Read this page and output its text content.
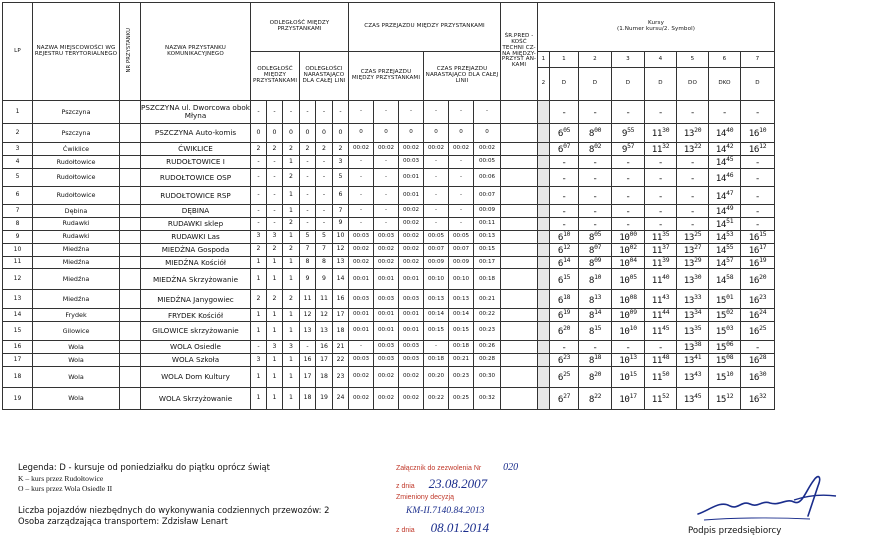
LP	NAZWA MIEJSCOWOŚCI WG REJESTRU TERYTORIALNEGO	NR PRZYSTANKU	NAZWA PRZYSTANKU KOMUNIKACYJNEGO	ODLEGŁOŚĆ MIĘDZY PRZYSTANKAMI						CZAS PRZEJAZDU MIĘDZY PRZYSTANKAMI						ŚR.PRED -KOŚĆ TECHNI CZ-NA MIĘDZY- PRZYST AN-KAMI	Kursy
(1.Numer kursu/2. Symbol)							

				ODLEGŁOŚĆ MIĘDZY PRZYSTANKAMI			ODLEGŁOŚCI NARASTAJĄCO DLA CAŁEJ LINI			CZAS PRZEJAZDU MIĘDZY PRZYSTANKAMI			CZAS PRZEJAZDU NARASTAJĄCO DLA CAŁEJ LINII				1	1	2	3	4	5	6	7
																	2	D	D	D	D	DO	DKO	D
1	Pszczyna		PSZCZYNA ul. Dworcowa obok Młyna	-	-	-	-	-	-	-	-	-	-	-	-			-	-	-	-	-	-	-
2	Pszczyna		PSZCZYNA Auto-komis	0	0	0	0	0	0	0	0	0	0	0	0			$6^{05}$	$8^{00}$	$9^{55}$	$11^{30}$	$13^{20}$	$14^{40}$	$16^{10}$
3	Ćwiklice		ĆWIKLICE	2	2	2	2	2	2	00:02	00:02	00:02	00:02	00:02	00:02			$6^{07}$	$8^{02}$	$9^{57}$	$11^{32}$	$13^{22}$	$14^{42}$	$16^{12}$
4	Rudołtowice		RUDOŁTOWICE I	-	-	1	-	-	3	-	-	00:03	-	-	00:05			-	-	-	-	-	$14^{45}$	-
5	Rudołtowice		RUDOŁTOWICE OSP	-	-	2	-	-	5	-	-	00:01	-	-	00:06			-	-	-	-	-	$14^{46}$	-
6	Rudołtowice		RUDOŁTOWICE RSP	-	-	1	-	-	6	-	-	00:01	-	-	00:07			-	-	-	-	-	$14^{47}$	-
7	Dębina		DĘBINA	-	-	1	-	-	7	-	-	00:02	-	-	00:09			-	-	-	-	-	$14^{49}$	-
8	Rudawki		RUDAWKI sklep	-	-	2	-	-	9	-	-	00:02	-	-	00:11			-	-	-	-	-	$14^{51}$	-
9	Rudawki		RUDAWKI Las	3	3	1	5	5	10	00:03	00:03	00:02	00:05	00:05	00:13			$6^{10}$	$8^{05}$	$10^{00}$	$11^{35}$	$13^{25}$	$14^{53}$	$16^{15}$
10	Miedźna		MIEDŹNA Gospoda	2	2	2	7	7	12	00:02	00:02	00:02	00:07	00:07	00:15			$6^{12}$	$8^{07}$	$10^{02}$	$11^{37}$	$13^{27}$	$14^{55}$	$16^{17}$
11	Miedźna		MIEDŹNA Kościół	1	1	1	8	8	13	00:02	00:02	00:02	00:09	00:09	00:17			$6^{14}$	$8^{09}$	$10^{04}$	$11^{39}$	$13^{29}$	$14^{57}$	$16^{19}$
12	Miedźna		MIEDŹNA Skrzyżowanie	1	1	1	9	9	14	00:01	00:01	00:01	00:10	00:10	00:18			$6^{15}$	$8^{10}$	$10^{05}$	$11^{40}$	$13^{30}$	$14^{58}$	$16^{20}$
13	Miedźna		MIEDŹNA Janygowiec	2	2	2	11	11	16	00:03	00:03	00:03	00:13	00:13	00:21			$6^{18}$	$8^{13}$	$10^{08}$	$11^{43}$	$13^{33}$	$15^{01}$	$16^{23}$
14	Frydek		FRYDEK Kościół	1	1	1	12	12	17	00:01	00:01	00:01	00:14	00:14	00:22			$6^{19}$	$8^{14}$	$10^{09}$	$11^{44}$	$13^{34}$	$15^{02}$	$16^{24}$
15	Gilowice		GILOWICE skrzyżowanie	1	1	1	13	13	18	00:01	00:01	00:01	00:15	00:15	00:23			$6^{20}$	$8^{15}$	$10^{10}$	$11^{45}$	$13^{35}$	$15^{03}$	$16^{25}$
16	Wola		WOLA Osiedle	-	3	3	-	16	21	-	00:03	00:03	-	00:18	00:26			-	-	-	-	$13^{38}$	$15^{06}$	-
17	Wola		WOLA Szkoła	3	1	1	16	17	22	00:03	00:03	00:03	00:18	00:21	00:28			$6^{23}$	$8^{18}$	$10^{13}$	$11^{48}$	$13^{41}$	$15^{08}$	$16^{28}$
18	Wola		WOLA Dom Kultury	1	1	1	17	18	23	00:02	00:02	00:02	00:20	00:23	00:30			$6^{25}$	$8^{20}$	$10^{15}$	$11^{50}$	$13^{43}$	$15^{10}$	$16^{30}$
19	Wola		WOLA Skrzyżowanie	1	1	1	18	19	24	00:02	00:02	00:02	00:22	00:25	00:32			$6^{27}$	$8^{22}$	$10^{17}$	$11^{52}$	$13^{45}$	$15^{12}$	$16^{32}$
Legenda: D - kursuje od poniedziałku do piątku oprócz świąt
K – kurs przez Rudołtowice
O – kurs przez Wola Osiedle II
Liczba pojazdów niezbędnych do wykonywania codziennych przewozów: 2
Osoba zarządzająca transportem: Zdzisław Lenart
Załącznik do zezwolenia Nr 020
z dnia 23.08.2007
Zmieniony decyzją
KM-II.7140.84.2013
z dnia 08.01.2014	Podpis przedsiębiorcy
